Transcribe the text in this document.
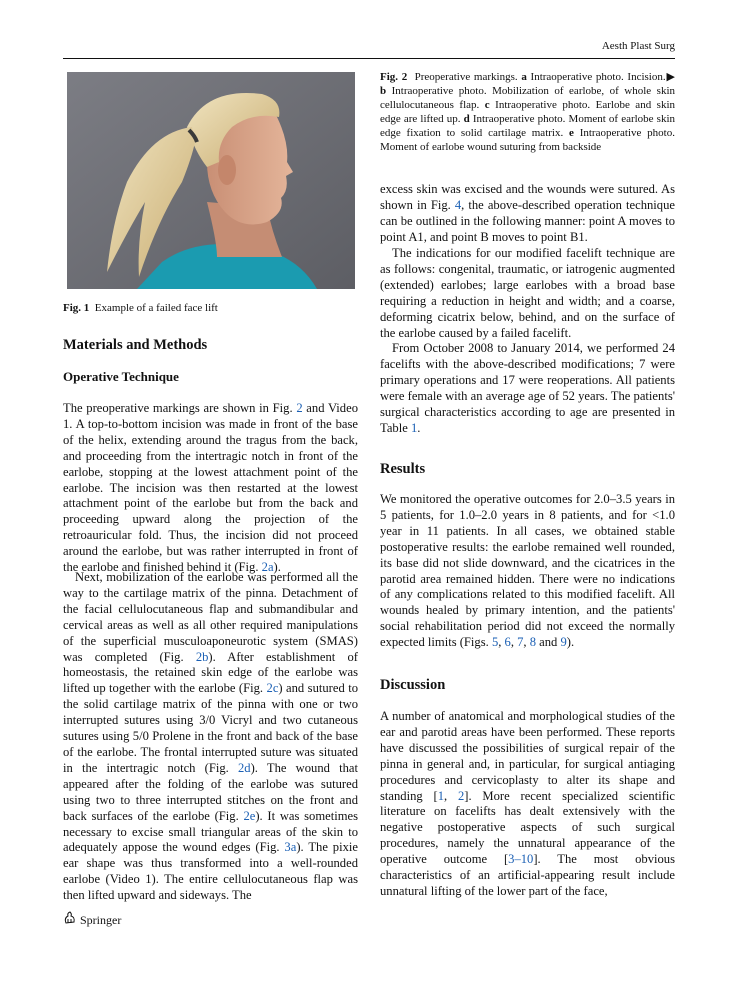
Aesth Plast Surg
Fig. 1 Example of a failed face lift
Fig. 2 Preoperative markings. a Intraoperative photo. Incision.▶ b Intraoperative photo. Mobilization of earlobe, of whole skin cellulocutaneous flap. c Intraoperative photo. Earlobe and skin edge are lifted up. d Intraoperative photo. Moment of earlobe skin edge fixation to solid cartilage matrix. e Intraoperative photo. Moment of earlobe wound suturing from backside
Materials and Methods
Operative Technique

The preoperative markings are shown in Fig. 2 and Video 1. A top-to-bottom incision was made in front of the base of the helix, extending around the tragus from the back, and proceeding from the intertragic notch in front of the earlobe, stopping at the lowest attachment point of the earlobe. The incision was then restarted at the lowest attachment point of the earlobe but from the back and proceeding upward along the projection of the retroauricular fold. Thus, the incision did not proceed around the earlobe, but was rather interrupted in front of the earlobe and finished behind it (Fig. 2a).

Next, mobilization of the earlobe was performed all the way to the cartilage matrix of the pinna. Detachment of the facial cellulocutaneous flap and submandibular and cervical areas as well as all other required manipulations of the superficial musculoaponeurotic system (SMAS) was completed (Fig. 2b). After establishment of homeostasis, the retained skin edge of the earlobe was lifted up together with the earlobe (Fig. 2c) and sutured to the solid cartilage matrix of the pinna with one or two interrupted sutures using 3/0 Vicryl and two cutaneous sutures using 5/0 Prolene in the front and back of the base of the earlobe. The frontal interrupted suture was situated in the intertragic notch (Fig. 2d). The wound that appeared after the folding of the earlobe was sutured using two to three interrupted stitches on the front and back surfaces of the earlobe (Fig. 2e). It was sometimes necessary to excise small triangular areas of the skin to adequately appose the wound edges (Fig. 3a). The pixie ear shape was thus transformed into a well-rounded earlobe (Video 1). The entire cellulocutaneous flap was then lifted upward and sideways. The

excess skin was excised and the wounds were sutured. As shown in Fig. 4, the above-described operation technique can be outlined in the following manner: point A moves to point A1, and point B moves to point B1.

The indications for our modified facelift technique are as follows: congenital, traumatic, or iatrogenic augmented (extended) earlobes; large earlobes with a broad base requiring a reduction in height and width; and a coarse, deforming cicatrix below, behind, and on the surface of the earlobe caused by a failed facelift.

From October 2008 to January 2014, we performed 24 facelifts with the above-described modifications; 7 were primary operations and 17 were reoperations. All patients were female with an average age of 52 years. The patients' surgical characteristics according to age are presented in Table 1.

Results

We monitored the operative outcomes for 2.0–3.5 years in 5 patients, for 1.0–2.0 years in 8 patients, and for <1.0 year in 11 patients. In all cases, we obtained stable postoperative results: the earlobe remained well rounded, its base did not slide downward, and the cicatrices in the parotid area remained hidden. There were no indications of any complications related to this modified facelift. All wounds healed by primary intention, and the patients' social rehabilitation period did not exceed the normally expected limits (Figs. 5, 6, 7, 8 and 9).

Discussion

A number of anatomical and morphological studies of the ear and parotid areas have been performed. These reports have discussed the possibilities of surgical repair of the pinna in general and, in particular, for surgical antiaging procedures and cervicoplasty to alter its shape and standing [1, 2]. More recent specialized scientific literature on facelifts has dealt extensively with the negative postoperative aspects of such surgical procedures, namely the unnatural appearance of the operative outcome [3–10]. The most obvious characteristics of an artificial-appearing result include unnatural lifting of the lower part of the face,

Springer
